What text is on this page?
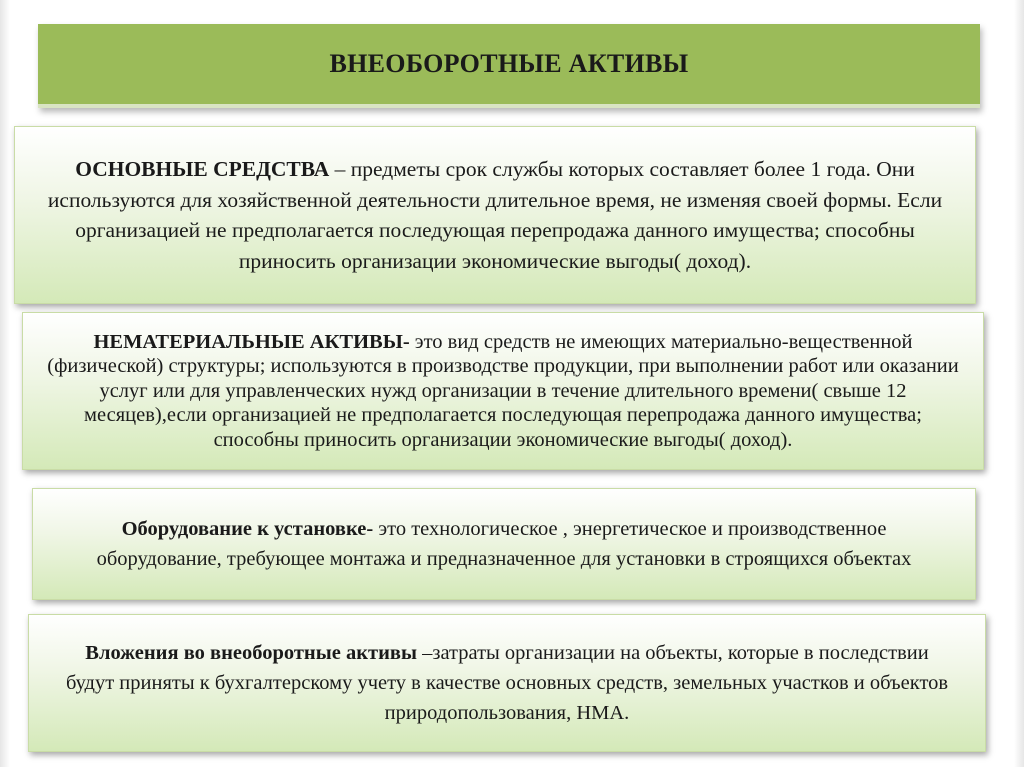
ВНЕОБОРОТНЫЕ АКТИВЫ

ОСНОВНЫЕ СРЕДСТВА – предметы срок службы которых составляет более 1 года. Они используются для хозяйственной деятельности длительное время, не изменяя своей формы. Если организацией не предполагается последующая перепродажа данного имущества; способны приносить организации экономические выгоды( доход).

НЕМАТЕРИАЛЬНЫЕ АКТИВЫ- это вид средств не имеющих материально-вещественной (физической) структуры; используются в производстве продукции, при выполнении работ или оказании услуг или для управленческих нужд организации в течение длительного времени( свыше 12 месяцев),если организацией не предполагается последующая перепродажа данного имущества; способны приносить организации экономические выгоды( доход).

Оборудование к установке- это технологическое , энергетическое и производственное оборудование, требующее монтажа и предназначенное для установки в строящихся объектах

Вложения во внеоборотные активы –затраты организации на объекты, которые в последствии будут приняты к бухгалтерскому учету в качестве основных средств, земельных участков и объектов природопользования, НМА.
